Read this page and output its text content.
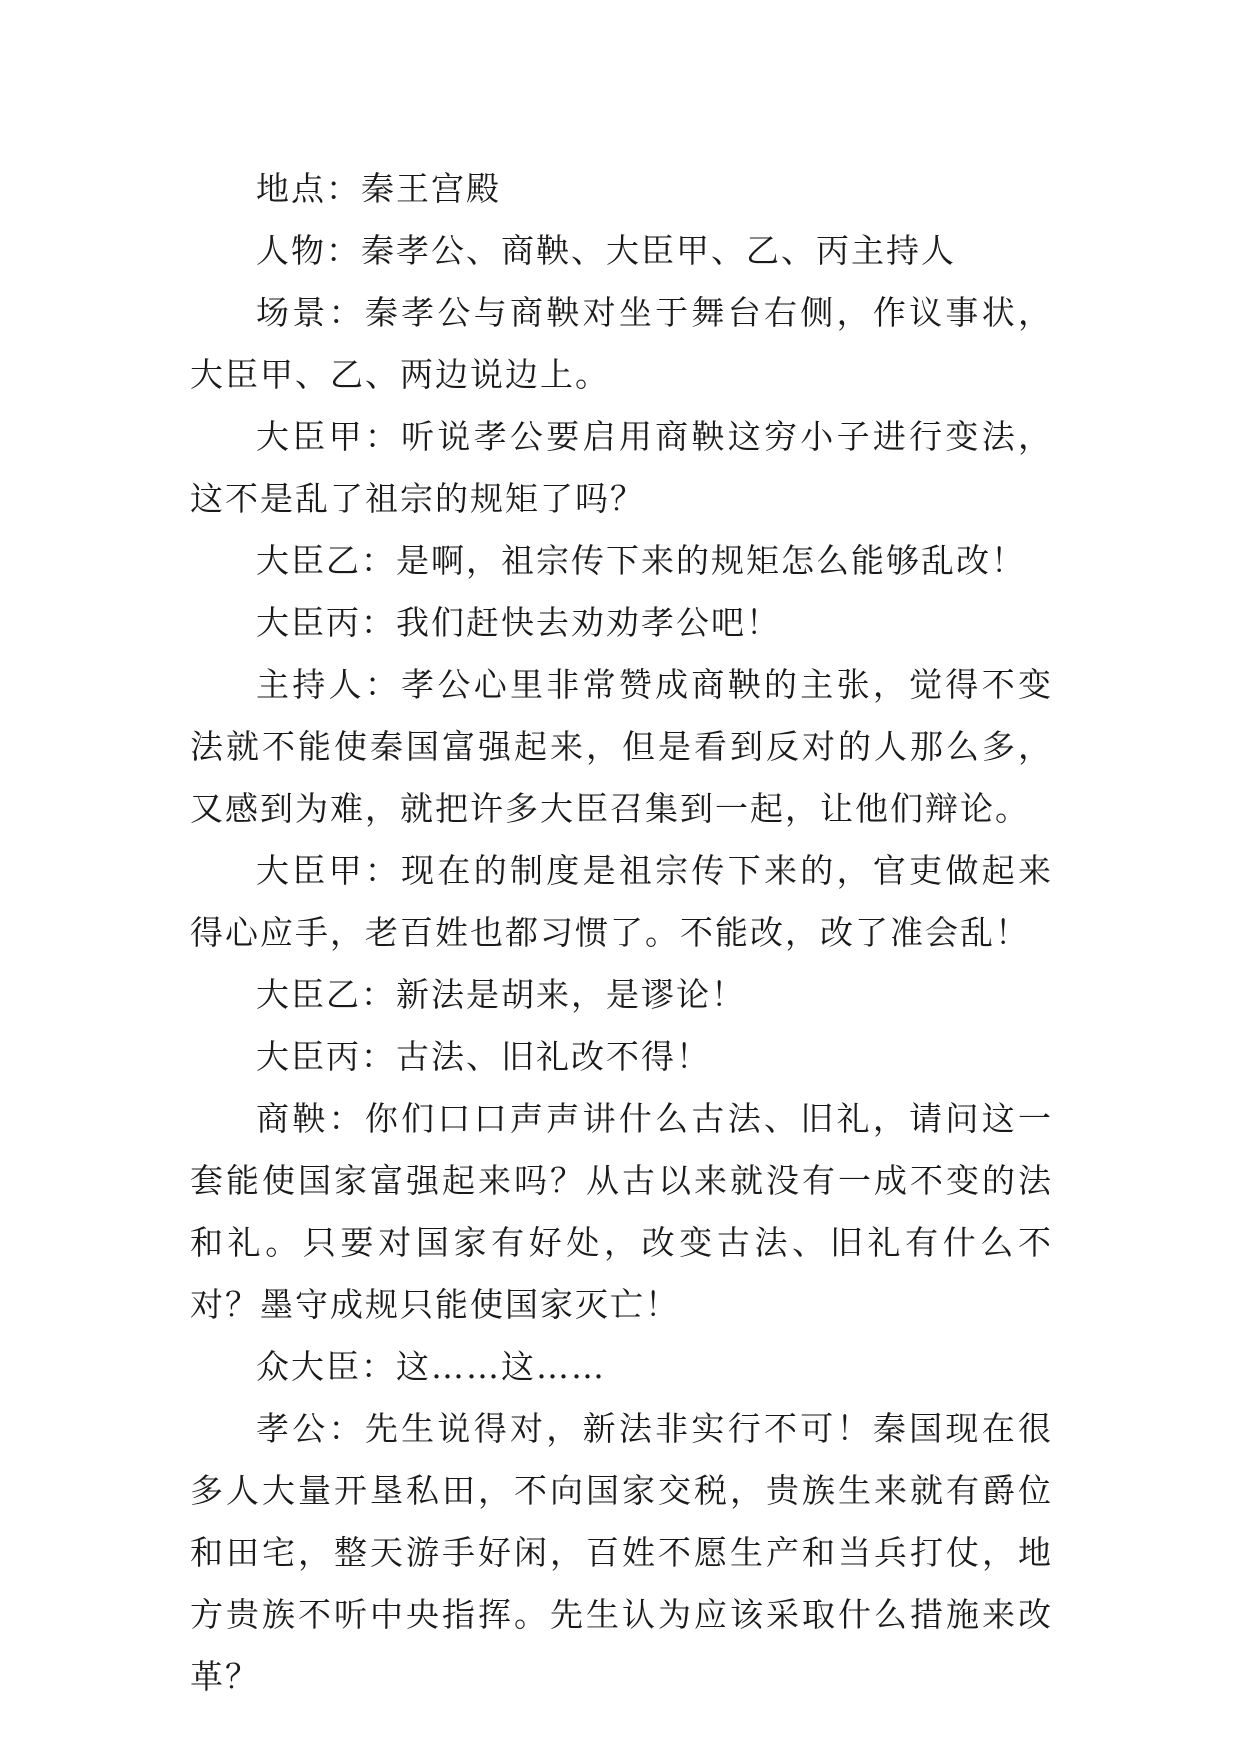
地点：秦王宫殿

人物：秦孝公、商鞅、大臣甲、乙、丙主持人

场景：秦孝公与商鞅对坐于舞台右侧，作议事状，大臣甲、乙、两边说边上。

大臣甲：听说孝公要启用商鞅这穷小子进行变法，这不是乱了祖宗的规矩了吗？

大臣乙：是啊，祖宗传下来的规矩怎么能够乱改！

大臣丙：我们赶快去劝劝孝公吧！

主持人：孝公心里非常赞成商鞅的主张，觉得不变法就不能使秦国富强起来，但是看到反对的人那么多，又感到为难，就把许多大臣召集到一起，让他们辩论。

大臣甲：现在的制度是祖宗传下来的，官吏做起来得心应手，老百姓也都习惯了。不能改，改了准会乱！

大臣乙：新法是胡来，是谬论！

大臣丙：古法、旧礼改不得！

商鞅：你们口口声声讲什么古法、旧礼，请问这一套能使国家富强起来吗？从古以来就没有一成不变的法和礼。只要对国家有好处，改变古法、旧礼有什么不对？墨守成规只能使国家灭亡！

众大臣：这……这……

孝公：先生说得对，新法非实行不可！秦国现在很多人大量开垦私田，不向国家交税，贵族生来就有爵位和田宅，整天游手好闲，百姓不愿生产和当兵打仗，地方贵族不听中央指挥。先生认为应该采取什么措施来改革？
